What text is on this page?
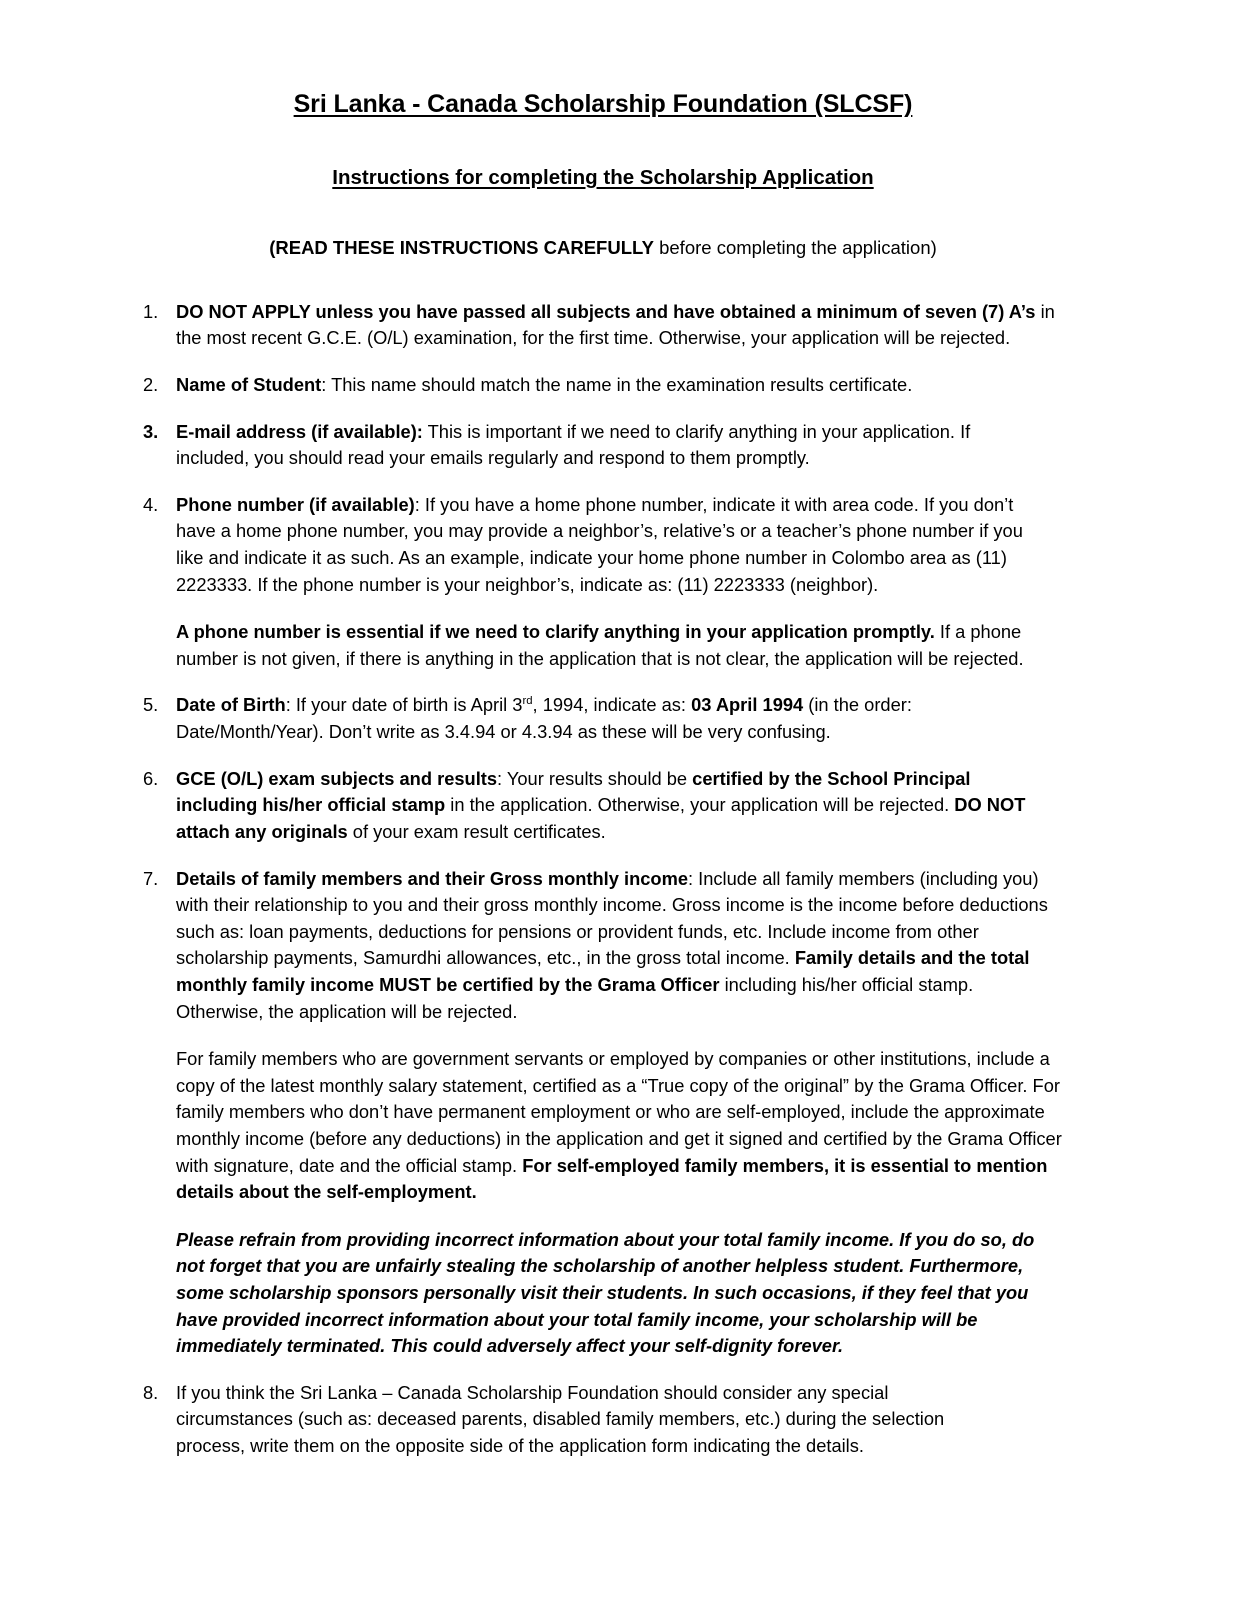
Sri Lanka - Canada Scholarship Foundation (SLCSF)
Instructions for completing the Scholarship Application

(READ THESE INSTRUCTIONS CAREFULLY before completing the application)

1. DO NOT APPLY unless you have passed all subjects and have obtained a minimum of seven (7) A’s in the most recent G.C.E. (O/L) examination, for the first time. Otherwise, your application will be rejected.

2. Name of Student: This name should match the name in the examination results certificate.

3. E-mail address (if available): This is important if we need to clarify anything in your application. If included, you should read your emails regularly and respond to them promptly.

4. Phone number (if available): If you have a home phone number, indicate it with area code. If you don’t have a home phone number, you may provide a neighbor’s, relative’s or a teacher’s phone number if you like and indicate it as such. As an example, indicate your home phone number in Colombo area as (11) 2223333. If the phone number is your neighbor’s, indicate as: (11) 2223333 (neighbor).

A phone number is essential if we need to clarify anything in your application promptly. If a phone number is not given, if there is anything in the application that is not clear, the application will be rejected.

5. Date of Birth: If your date of birth is April 3rd, 1994, indicate as: 03 April 1994 (in the order: Date/Month/Year). Don’t write as 3.4.94 or 4.3.94 as these will be very confusing.

6. GCE (O/L) exam subjects and results: Your results should be certified by the School Principal including his/her official stamp in the application. Otherwise, your application will be rejected. DO NOT attach any originals of your exam result certificates.

7. Details of family members and their Gross monthly income: Include all family members (including you) with their relationship to you and their gross monthly income. Gross income is the income before deductions such as: loan payments, deductions for pensions or provident funds, etc. Include income from other scholarship payments, Samurdhi allowances, etc., in the gross total income. Family details and the total monthly family income MUST be certified by the Grama Officer including his/her official stamp. Otherwise, the application will be rejected.

For family members who are government servants or employed by companies or other institutions, include a copy of the latest monthly salary statement, certified as a “True copy of the original” by the Grama Officer. For family members who don’t have permanent employment or who are self-employed, include the approximate monthly income (before any deductions) in the application and get it signed and certified by the Grama Officer with signature, date and the official stamp. For self-employed family members, it is essential to mention details about the self-employment.

Please refrain from providing incorrect information about your total family income. If you do so, do not forget that you are unfairly stealing the scholarship of another helpless student. Furthermore, some scholarship sponsors personally visit their students. In such occasions, if they feel that you have provided incorrect information about your total family income, your scholarship will be immediately terminated. This could adversely affect your self-dignity forever.

8. If you think the Sri Lanka – Canada Scholarship Foundation should consider any special circumstances (such as: deceased parents, disabled family members, etc.) during the selection process, write them on the opposite side of the application form indicating the details.
